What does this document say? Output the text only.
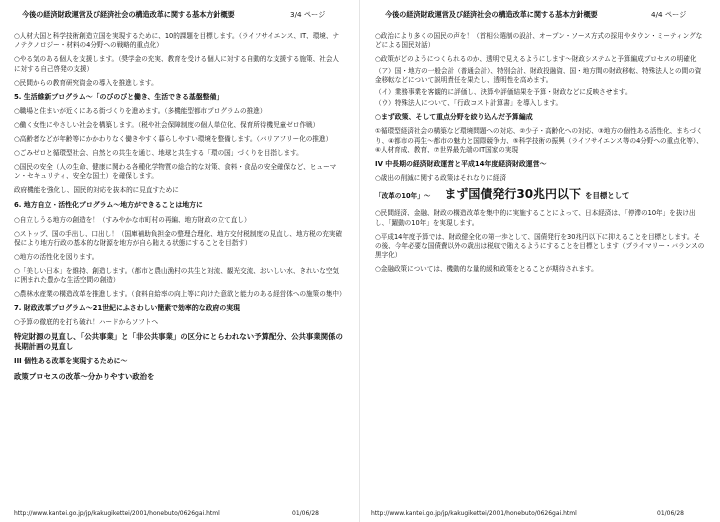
今後の経済財政運営及び経済社会の構造改革に関する基本方針概要	3/4 ページ

○人材大国と科学技術創造立国を実現するために、10的課題を目標します。（ライフサイエンス、IT、環境、ナノテクノロジー・材料の4分野への戦略的重点化）

○やる気のある個人を支援します。（奨学金の充実、教育を受ける個人に対する自動的な支援する施策、社会人に対する自己啓発の支援）

○民間からの教育研究資金の導入を推進します。

5. 生活維新プログラム～「のびのびと働き、生活できる基盤整備」

○職場と住まいが近くにある街づくりを進めます。（多機能型都市プログラムの推進）

○働く女性にやさしい社会を構築します。（税や社会保障制度の個人単位化、保育所待機児童ゼロ作戦）

○高齢者などが年齢等にかかわりなく働きやすく暮らしやすい環境を整備します。（バリアフリー化の推進）

○ごみゼロと循環型社会、自然との共生を通じ、地球と共生する「環の国」づくりを目指します。

○国民の安全（人の生命、健康に関わる各種化学物質の総合的な対策、食料・食品の安全確保など、ヒューマン・セキュリティ、安全な国土）を確保します。

政府機能を強化し、国民的対応を抜本的に見直すために

6. 地方自立・活性化プログラム～地方ができることは地方に

○自立しうる地方の創造を！（すみやかな市町村の再編、地方財政の立て直し）

○ストップ、国の手出し、口出し！（国庫補助負担金の整理合理化、地方交付税制度の見直し、地方税の充実確保により地方行政の基本的な財源を地方が自ら賄える状態にすることを目指す）

○地方の活性化を図ります。

○「美しい日本」を維持、創造します。（都市と農山漁村の共生と対流、観光交流、おいしい水、きれいな空気に囲まれた豊かな生活空間の創造）

○農林水産業の構造改革を推進します。（食料自給率の向上等に向けた意欲と能力のある経営体への施策の集中）

7. 財政改革プログラム～21世紀にふさわしい簡素で効率的な政府の実現

○予算の徹底的を打ち破れ！ハードからソフトへ

特定財源の見直し、「公共事業」と「非公共事業」の区分にとらわれない予算配分、公共事業関係の長期計画の見直し

III 個性ある改革を実現するために～

政策プロセスの改革～分かりやすい政治を

http://www.kantei.go.jp/jp/kakugikettei/2001/honebuto/0626gai.html	01/06/28
今後の経済財政運営及び経済社会の構造改革に関する基本方針概要	4/4 ページ

○政治により多くの国民の声を！（首相公選制の設計、オープン・ソース方式の採用やタウン・ミーティングなどによる国民対話）

○政策がどのようにつくられるのか、透明で見えるようにします～財政システムと予算編成プロセスの明確化

（ア）国・地方の一般会計（普通会計）、特別会計、財政投融資、国・地方間の財政移転、特殊法人との間の資金移転などについて説明責任を果たし、透明性を高めます。

（イ）業務事業を客観的に評価し、決算や評価結果を予算・財政などに反映させます。

（ウ）特殊法人について、「行政コスト計算書」を導入します。

○まず政策、そして重点分野を絞り込んだ予算編成

①循環型経済社会の構築など環境問題への対応、②少子・高齢化への対応、③地方の個性ある活性化、まちづくり、④都市の再生～都市の魅力と国際競争力、⑤科学技術の振興（ライフサイエンス等の4分野への重点化等）、⑥人材育成、教育、⑦世界最先端のIT国家の実現

IV 中長期の経済財政運営と平成14年度経済財政運営～

○歳出の削減に関する政策はそれなりに経済

「改革の10年」～ まず国債発行30兆円以下 を目標として

○民間経済、金融、財政の構造改革を集中的に実施することによって、日本経済は、「停滞の10年」を抜け出し、「躍動の10年」を実現します。

○平成14年度予算では、財政健全化の第一歩として、国債発行を30兆円以下に抑えることを目標とします。その後、今年必要な国債費以外の歳出は税収で賄えるようにすることを目標とします（プライマリー・バランスの黒字化）

○金融政策については、機動的な量的緩和政策をとることが期待されます。

http://www.kantei.go.jp/jp/kakugikettei/2001/honebuto/0626gai.html	01/06/28
